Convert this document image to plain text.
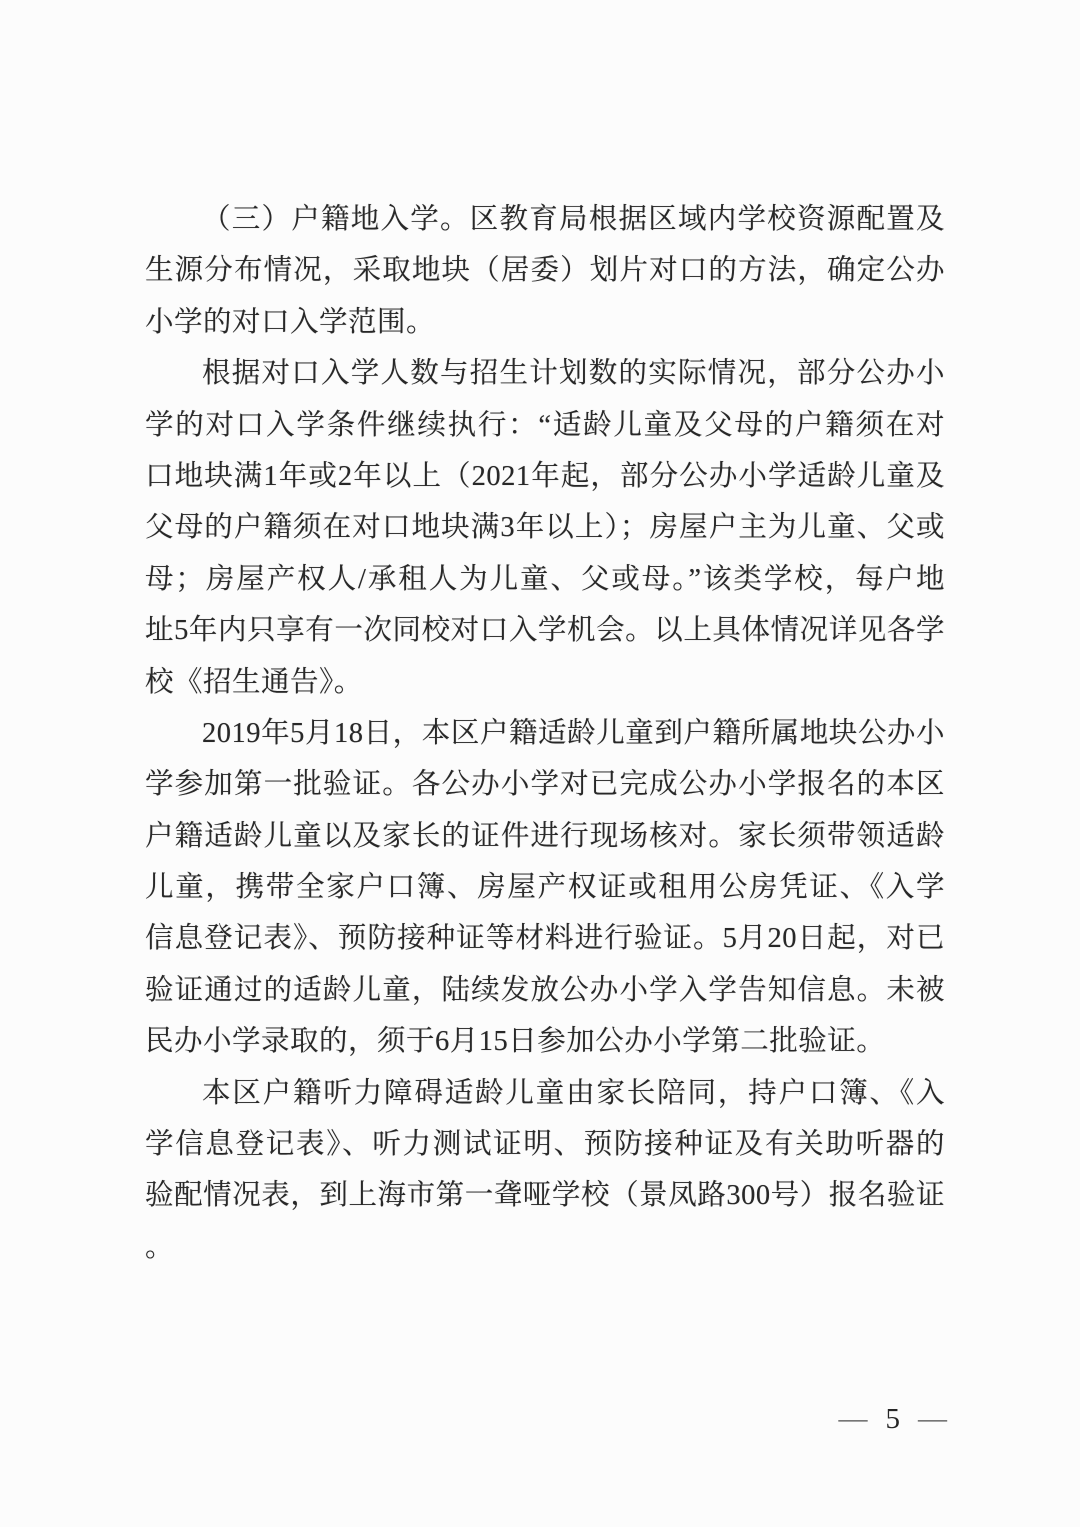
（三）户籍地入学。区教育局根据区域内学校资源配置及
生源分布情况，采取地块（居委）划片对口的方法，确定公办
小学的对口入学范围。
根据对口入学人数与招生计划数的实际情况，部分公办小
学的对口入学条件继续执行：“适龄儿童及父母的户籍须在对
口地块满1年或2年以上（2021年起，部分公办小学适龄儿童及
父母的户籍须在对口地块满3年以上）；房屋户主为儿童、父或
母；房屋产权人/承租人为儿童、父或母。”该类学校，每户地
址5年内只享有一次同校对口入学机会。以上具体情况详见各学
校《招生通告》。
2019年5月18日，本区户籍适龄儿童到户籍所属地块公办小
学参加第一批验证。各公办小学对已完成公办小学报名的本区
户籍适龄儿童以及家长的证件进行现场核对。家长须带领适龄
儿童，携带全家户口簿、房屋产权证或租用公房凭证、《入学
信息登记表》、预防接种证等材料进行验证。5月20日起，对已
验证通过的适龄儿童，陆续发放公办小学入学告知信息。未被
民办小学录取的，须于6月15日参加公办小学第二批验证。
本区户籍听力障碍适龄儿童由家长陪同，持户口簿、《入
学信息登记表》、听力测试证明、预防接种证及有关助听器的
验配情况表，到上海市第一聋哑学校（景凤路300号）报名验证
。
— 5 —
